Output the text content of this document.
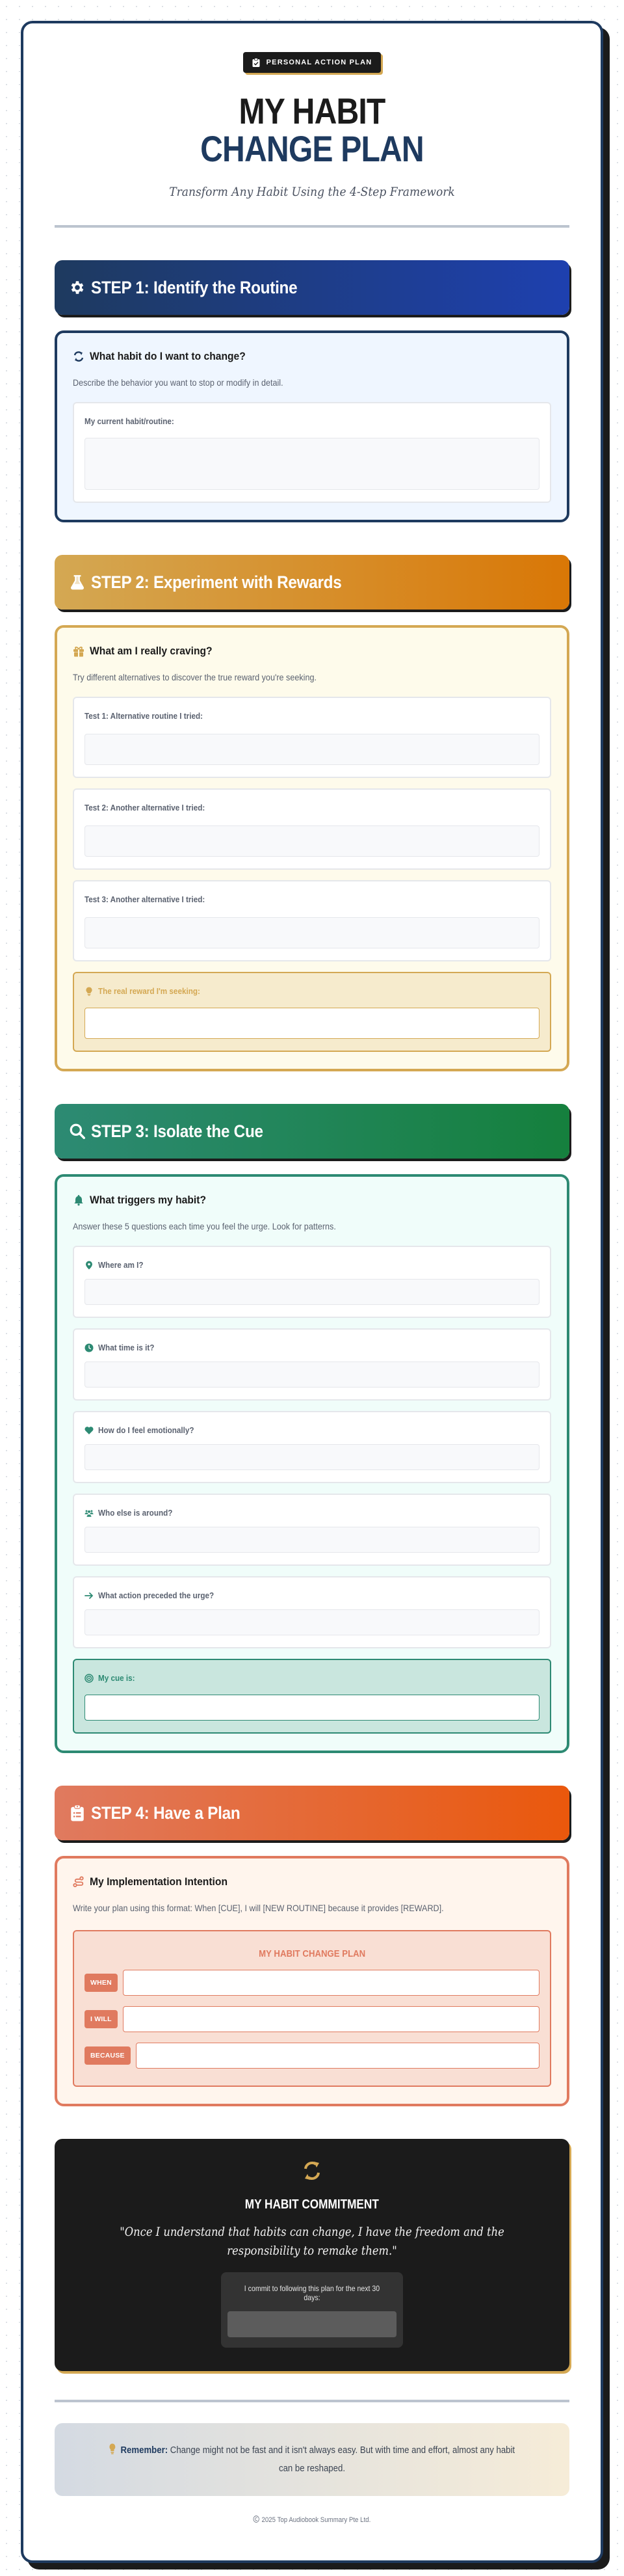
PERSONAL ACTION PLAN
MY HABIT
CHANGE PLAN
Transform Any Habit Using the 4-Step Framework
STEP 1: Identify the Routine
What habit do I want to change?
Describe the behavior you want to stop or modify in detail.
My current habit/routine:
STEP 2: Experiment with Rewards
What am I really craving?
Try different alternatives to discover the true reward you're seeking.
Test 1: Alternative routine I tried:
Test 2: Another alternative I tried:
Test 3: Another alternative I tried:
The real reward I'm seeking:
STEP 3: Isolate the Cue
What triggers my habit?
Answer these 5 questions each time you feel the urge. Look for patterns.
Where am I?
What time is it?
How do I feel emotionally?
Who else is around?
What action preceded the urge?
My cue is:
STEP 4: Have a Plan
My Implementation Intention
Write your plan using this format: When [CUE], I will [NEW ROUTINE] because it provides [REWARD].
MY HABIT CHANGE PLAN
WHEN
I WILL
BECAUSE
MY HABIT COMMITMENT
"Once I understand that habits can change, I have the freedom and the responsibility to remake them."
I commit to following this plan for the next 30 days:
Remember: Change might not be fast and it isn't always easy. But with time and effort, almost any habit can be reshaped.
2025 Top Audiobook Summary Pte Ltd.
